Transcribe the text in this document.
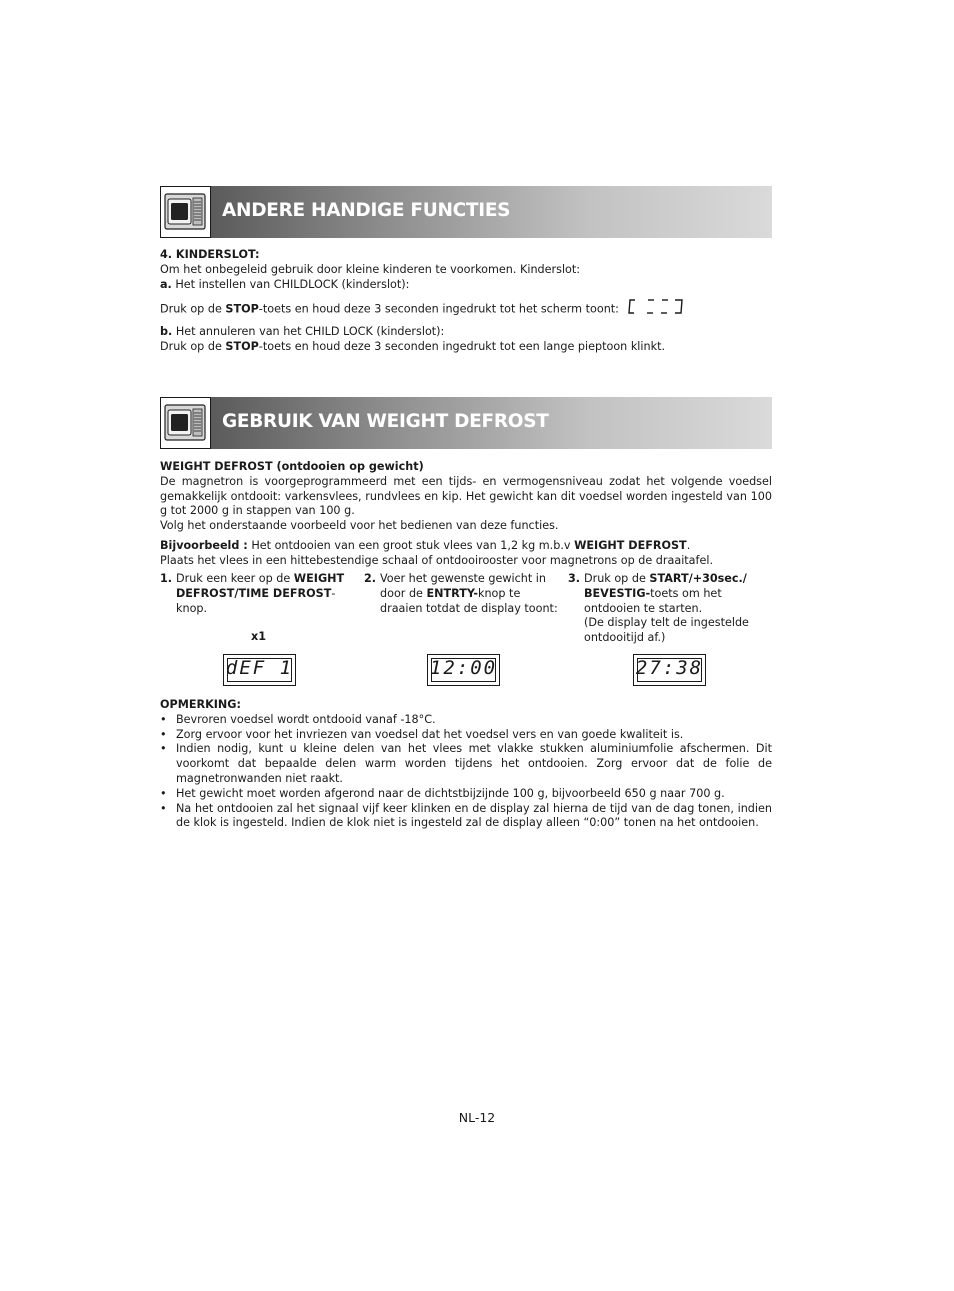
ANDERE HANDIGE FUNCTIES
4. KINDERSLOT:
Om het onbegeleid gebruik door kleine kinderen te voorkomen. Kinderslot:
a. Het instellen van CHILDLOCK (kinderslot):
Druk op de STOP-toets en houd deze 3 seconden ingedrukt tot het scherm toont:
b. Het annuleren van het CHILD LOCK (kinderslot):
Druk op de STOP-toets en houd deze 3 seconden ingedrukt tot een lange pieptoon klinkt.
GEBRUIK VAN WEIGHT DEFROST
WEIGHT DEFROST (ontdooien op gewicht)
De magnetron is voorgeprogrammeerd met een tijds- en vermogensniveau zodat het volgende voedsel gemakkelijk ontdooit: varkensvlees, rundvlees en kip. Het gewicht kan dit voedsel worden ingesteld van 100 g tot 2000 g in stappen van 100 g.
Volg het onderstaande voorbeeld voor het bedienen van deze functies.
Bijvoorbeeld : Het ontdooien van een groot stuk vlees van 1,2 kg m.b.v WEIGHT DEFROST.
Plaats het vlees in een hittebestendige schaal of ontdooirooster voor magnetrons op de draaitafel.
1. Druk een keer op de WEIGHT DEFROST/TIME DEFROST-knop.
x1
2. Voer het gewenste gewicht in door de ENTRTY-knop te draaien totdat de display toont:
3. Druk op de START/+30sec./ BEVESTIG-toets om het ontdooien te starten.
(De display telt de ingestelde ontdooitijd af.)
dEF 1	12:00	27:38
OPMERKING:
• Bevroren voedsel wordt ontdooid vanaf -18°C.
• Zorg ervoor voor het invriezen van voedsel dat het voedsel vers en van goede kwaliteit is.
• Indien nodig, kunt u kleine delen van het vlees met vlakke stukken aluminiumfolie afschermen. Dit voorkomt dat bepaalde delen warm worden tijdens het ontdooien. Zorg ervoor dat de folie de magnetronwanden niet raakt.
• Het gewicht moet worden afgerond naar de dichtstbijzijnde 100 g, bijvoorbeeld 650 g naar 700 g.
• Na het ontdooien zal het signaal vijf keer klinken en de display zal hierna de tijd van de dag tonen, indien de klok is ingesteld. Indien de klok niet is ingesteld zal de display alleen “0:00” tonen na het ontdooien.
NL-12
